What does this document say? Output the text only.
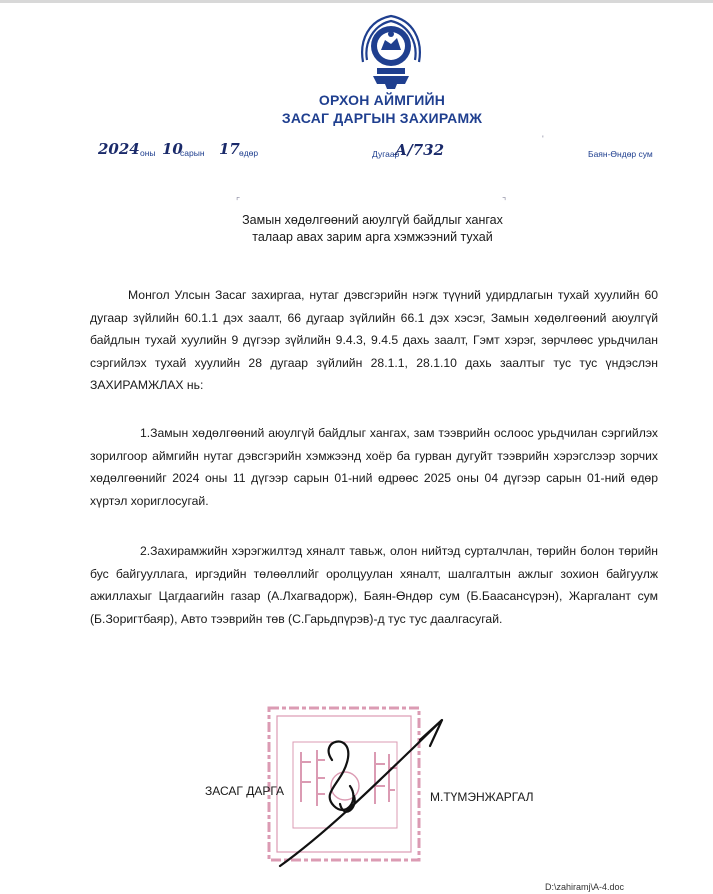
ОРХОН АЙМГИЙН
ЗАСАГ ДАРГЫН ЗАХИРАМЖ
2024 оны 10
сарын 17 өдөр	Дугаар
А/732	Баян-Өндөр сум
'
⌜	⌝
Замын хөдөлгөөний аюулгүй байдлыг хангах
талаар авах зарим арга хэмжээний тухай

Монгол Улсын Засаг захиргаа, нутаг дэвсгэрийн нэгж түүний удирдлагын тухай хуулийн 60 дугаар зүйлийн 60.1.1 дэх заалт, 66 дугаар зүйлийн 66.1 дэх хэсэг, Замын хөдөлгөөний аюулгүй байдлын тухай хуулийн 9 дүгээр зүйлийн 9.4.3, 9.4.5 дахь заалт, Гэмт хэрэг, зөрчлөөс урьдчилан сэргийлэх тухай хуулийн 28 дугаар зүйлийн 28.1.1, 28.1.10 дахь заалтыг тус тус үндэслэн ЗАХИРАМЖЛАХ нь:

1.Замын хөдөлгөөний аюулгүй байдлыг хангах, зам тээврийн ослоос урьдчилан сэргийлэх зорилгоор аймгийн нутаг дэвсгэрийн хэмжээнд хоёр ба гурван дугуйт тээврийн хэрэгслээр зорчих хөдөлгөөнийг 2024 оны 11 дүгээр сарын 01-ний өдрөөс 2025 оны 04 дүгээр сарын 01-ний өдөр хүртэл хориглосугай.

2.Захирамжийн хэрэгжилтэд хяналт тавьж, олон нийтэд сурталчлан, төрийн болон төрийн бус байгууллага, иргэдийн төлөөллийг оролцуулан хяналт, шалгалтын ажлыг зохион байгуулж ажиллахыг Цагдаагийн газар (А.Лхагвадорж), Баян-Өндөр сум (Б.Баасансүрэн), Жаргалант сум (Б.Зоригтбаяр), Авто тээврийн төв (С.Гарьдпүрэв)-д тус тус даалгасугай.

ЗАСАГ ДАРГА	М.ТҮМЭНЖАРГАЛ
D:\zahiramj\A-4.doc
